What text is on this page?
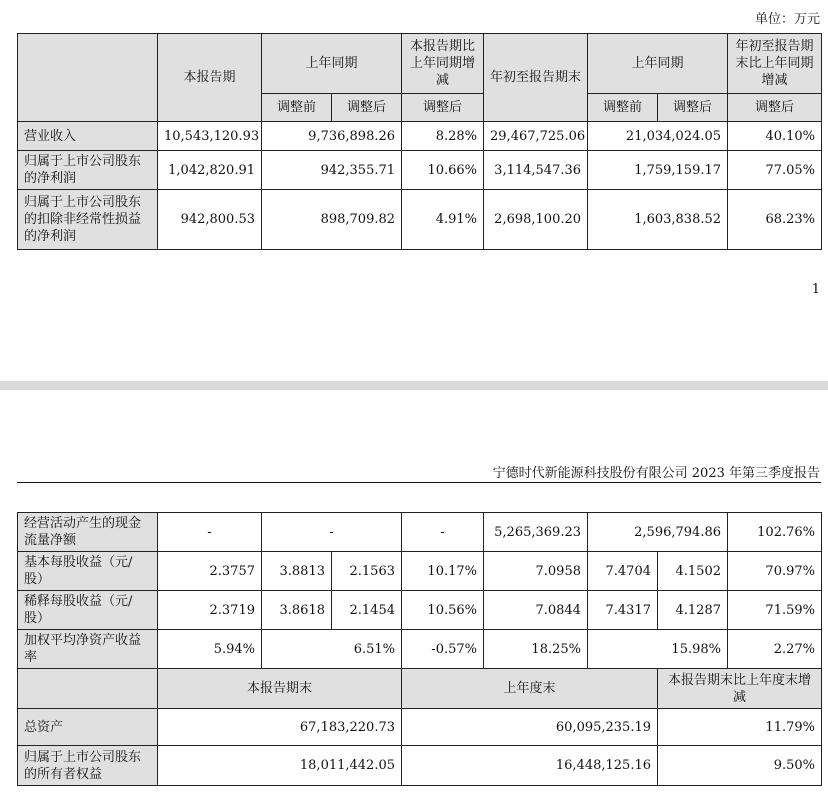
单位：万元
	本报告期	上年同期		本报告期比上年同期增减	年初至报告期末	上年同期		年初至报告期末比上年同期增减
		调整前	调整后	调整后		调整前	调整后	调整后
营业收入	10,543,120.93	9,736,898.26		8.28%	29,467,725.06	21,034,024.05		40.10%
归属于上市公司股东的净利润	1,042,820.91	942,355.71		10.66%	3,114,547.36	1,759,159.17		77.05%
归属于上市公司股东的扣除非经常性损益的净利润	942,800.53	898,709.82		4.91%	2,698,100.20	1,603,838.52		68.23%
1
宁德时代新能源科技股份有限公司 2023 年第三季度报告
经营活动产生的现金流量净额	-	-		-	5,265,369.23	2,596,794.86		102.76%
基本每股收益（元/股）	2.3757	3.8813	2.1563	10.17%	7.0958	7.4704	4.1502	70.97%
稀释每股收益（元/股）	2.3719	3.8618	2.1454	10.56%	7.0844	7.4317	4.1287	71.59%
加权平均净资产收益率	5.94%	6.51%		-0.57%	18.25%	15.98%		2.27%
	本报告期末			上年度末			本报告期末比上年度末增减	
总资产	67,183,220.73			60,095,235.19			11.79%	
归属于上市公司股东的所有者权益	18,011,442.05			16,448,125.16			9.50%	
